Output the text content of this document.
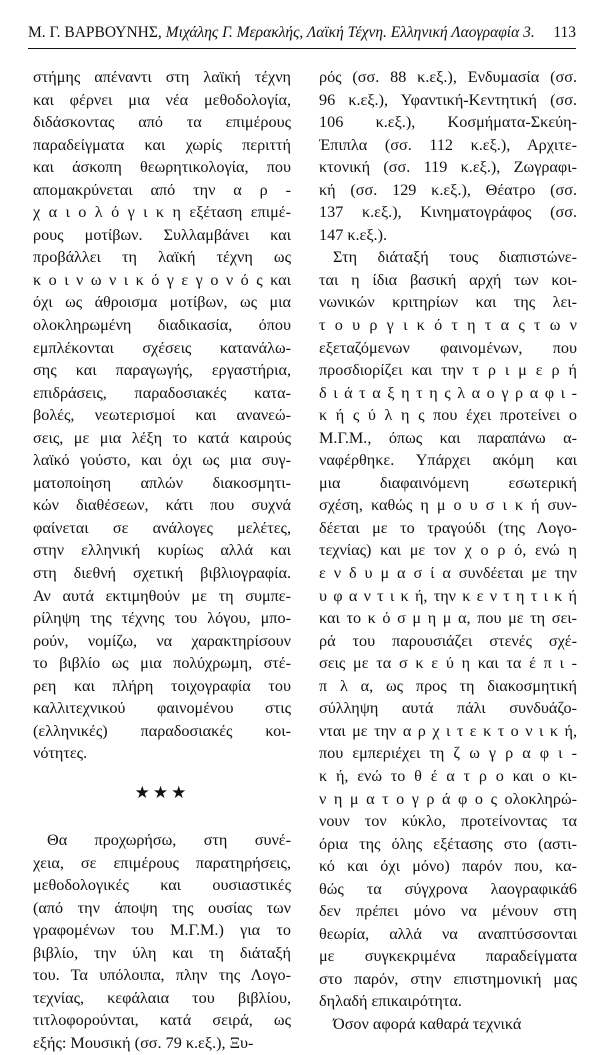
Μ. Γ. ΒΑΡΒΟΥΝΗΣ, Μιχάλης Γ. Μερακλής, Λαϊκή Τέχνη. Ελληνική Λαογραφία 3. 113
στήμης απέναντι στη λαϊκή τέχνη
και φέρνει μια νέα μεθοδολογία,
διδάσκοντας από τα επιμέρους
παραδείγματα και χωρίς περιττή
και άσκοπη θεωρητικολογία, που
απομακρύνεται από την α ρ -
χ α ι ο λ ό γ ι κ η εξέταση επιμέ-
ρους μοτίβων. Συλλαμβάνει και
προβάλλει τη λαϊκή τέχνη ως
κ ο ι ν ω ν ι κ ό γ ε γ ο ν ό ς και
όχι ως άθροισμα μοτίβων, ως μια
ολοκληρωμένη διαδικασία, όπου
εμπλέκονται σχέσεις κατανάλω-
σης και παραγωγής, εργαστήρια,
επιδράσεις, παραδοσιακές κατα-
βολές, νεωτερισμοί και ανανεώ-
σεις, με μια λέξη το κατά καιρούς
λαϊκό γούστο, και όχι ως μια συγ-
ματοποίηση απλών διακοσμητι-
κών διαθέσεων, κάτι που συχνά
φαίνεται σε ανάλογες μελέτες,
στην ελληνική κυρίως αλλά και
στη διεθνή σχετική βιβλιογραφία.
Αν αυτά εκτιμηθούν με τη συμπε-
ρίληψη της τέχνης του λόγου, μπο-
ρούν, νομίζω, να χαρακτηρίσουν
το βιβλίο ως μια πολύχρωμη, στέ-
ρεη και πλήρη τοιχογραφία του
καλλιτεχνικού φαινομένου στις
(ελληνικές) παραδοσιακές κοι-
νότητες.
★★★
Θα προχωρήσω, στη συνέ-
χεια, σε επιμέρους παρατηρήσεις,
μεθοδολογικές και ουσιαστικές
(από την άποψη της ουσίας των
γραφομένων του Μ.Γ.Μ.) για το
βιβλίο, την ύλη και τη διάταξή
του. Τα υπόλοιπα, πλην της Λογο-
τεχνίας, κεφάλαια του βιβλίου,
τιτλοφορούνται, κατά σειρά, ως
εξής: Μουσική (σσ. 79 κ.εξ.), Ξυ-
ρός (σσ. 88 κ.εξ.), Ενδυμασία (σσ.
96 κ.εξ.), Υφαντική-Κεντητική (σσ.
106 κ.εξ.), Κοσμήματα-Σκεύη-
Έπιπλα (σσ. 112 κ.εξ.), Αρχιτε-
κτονική (σσ. 119 κ.εξ.), Ζωγραφι-
κή (σσ. 129 κ.εξ.), Θέατρο (σσ.
137 κ.εξ.), Κινηματογράφος (σσ.
147 κ.εξ.).
Στη διάταξή τους διαπιστώνε-
ται η ίδια βασική αρχή των κοι-
νωνικών κριτηρίων και της λει-
τ ο υ ρ γ ι κ ό τ η τ α ς τ ω ν
εξεταζόμενων φαινομένων, που
προσδιορίζει και την τ ρ ι μ ε ρ ή
δ ι ά τ α ξ η τ η ς λ α ο γ ρ α φ ι -
κ ή ς ύ λ η ς που έχει προτείνει ο
Μ.Γ.Μ., όπως και παραπάνω α-
ναφέρθηκε. Υπάρχει ακόμη και
μια διαφαινόμενη εσωτερική
σχέση, καθώς η μ ο υ σ ι κ ή συν-
δέεται με το τραγούδι (της Λογο-
τεχνίας) και με τον χ ο ρ ό, ενώ η
ε ν δ υ μ α σ ί α συνδέεται με την
υ φ α ν τ ι κ ή, την κ ε ν τ η τ ι κ ή
και το κ ό σ μ η μ α, που με τη σει-
ρά του παρουσιάζει στενές σχέ-
σεις με τα σ κ ε ύ η και τα έ π ι -
π λ α, ως προς τη διακοσμητική
σύλληψη αυτά πάλι συνδυάζο-
νται με την α ρ χ ι τ ε κ τ ο ν ι κ ή,
που εμπεριέχει τη ζ ω γ ρ α φ ι -
κ ή, ενώ το θ έ α τ ρ ο και ο κι-
ν η μ α τ ο γ ρ ά φ ο ς ολοκληρώ-
νουν τον κύκλο, προτείνοντας τα
όρια της όλης εξέτασης στο (αστι-
κό και όχι μόνο) παρόν που, κα-
θώς τα σύγχρονα λαογραφικά6
δεν πρέπει μόνο να μένουν στη
θεωρία, αλλά να αναπτύσσονται
με συγκεκριμένα παραδείγματα
στο παρόν, στην επιστημονική μας
δηλαδή επικαιρότητα.
Όσον αφορά καθαρά τεχνικά
